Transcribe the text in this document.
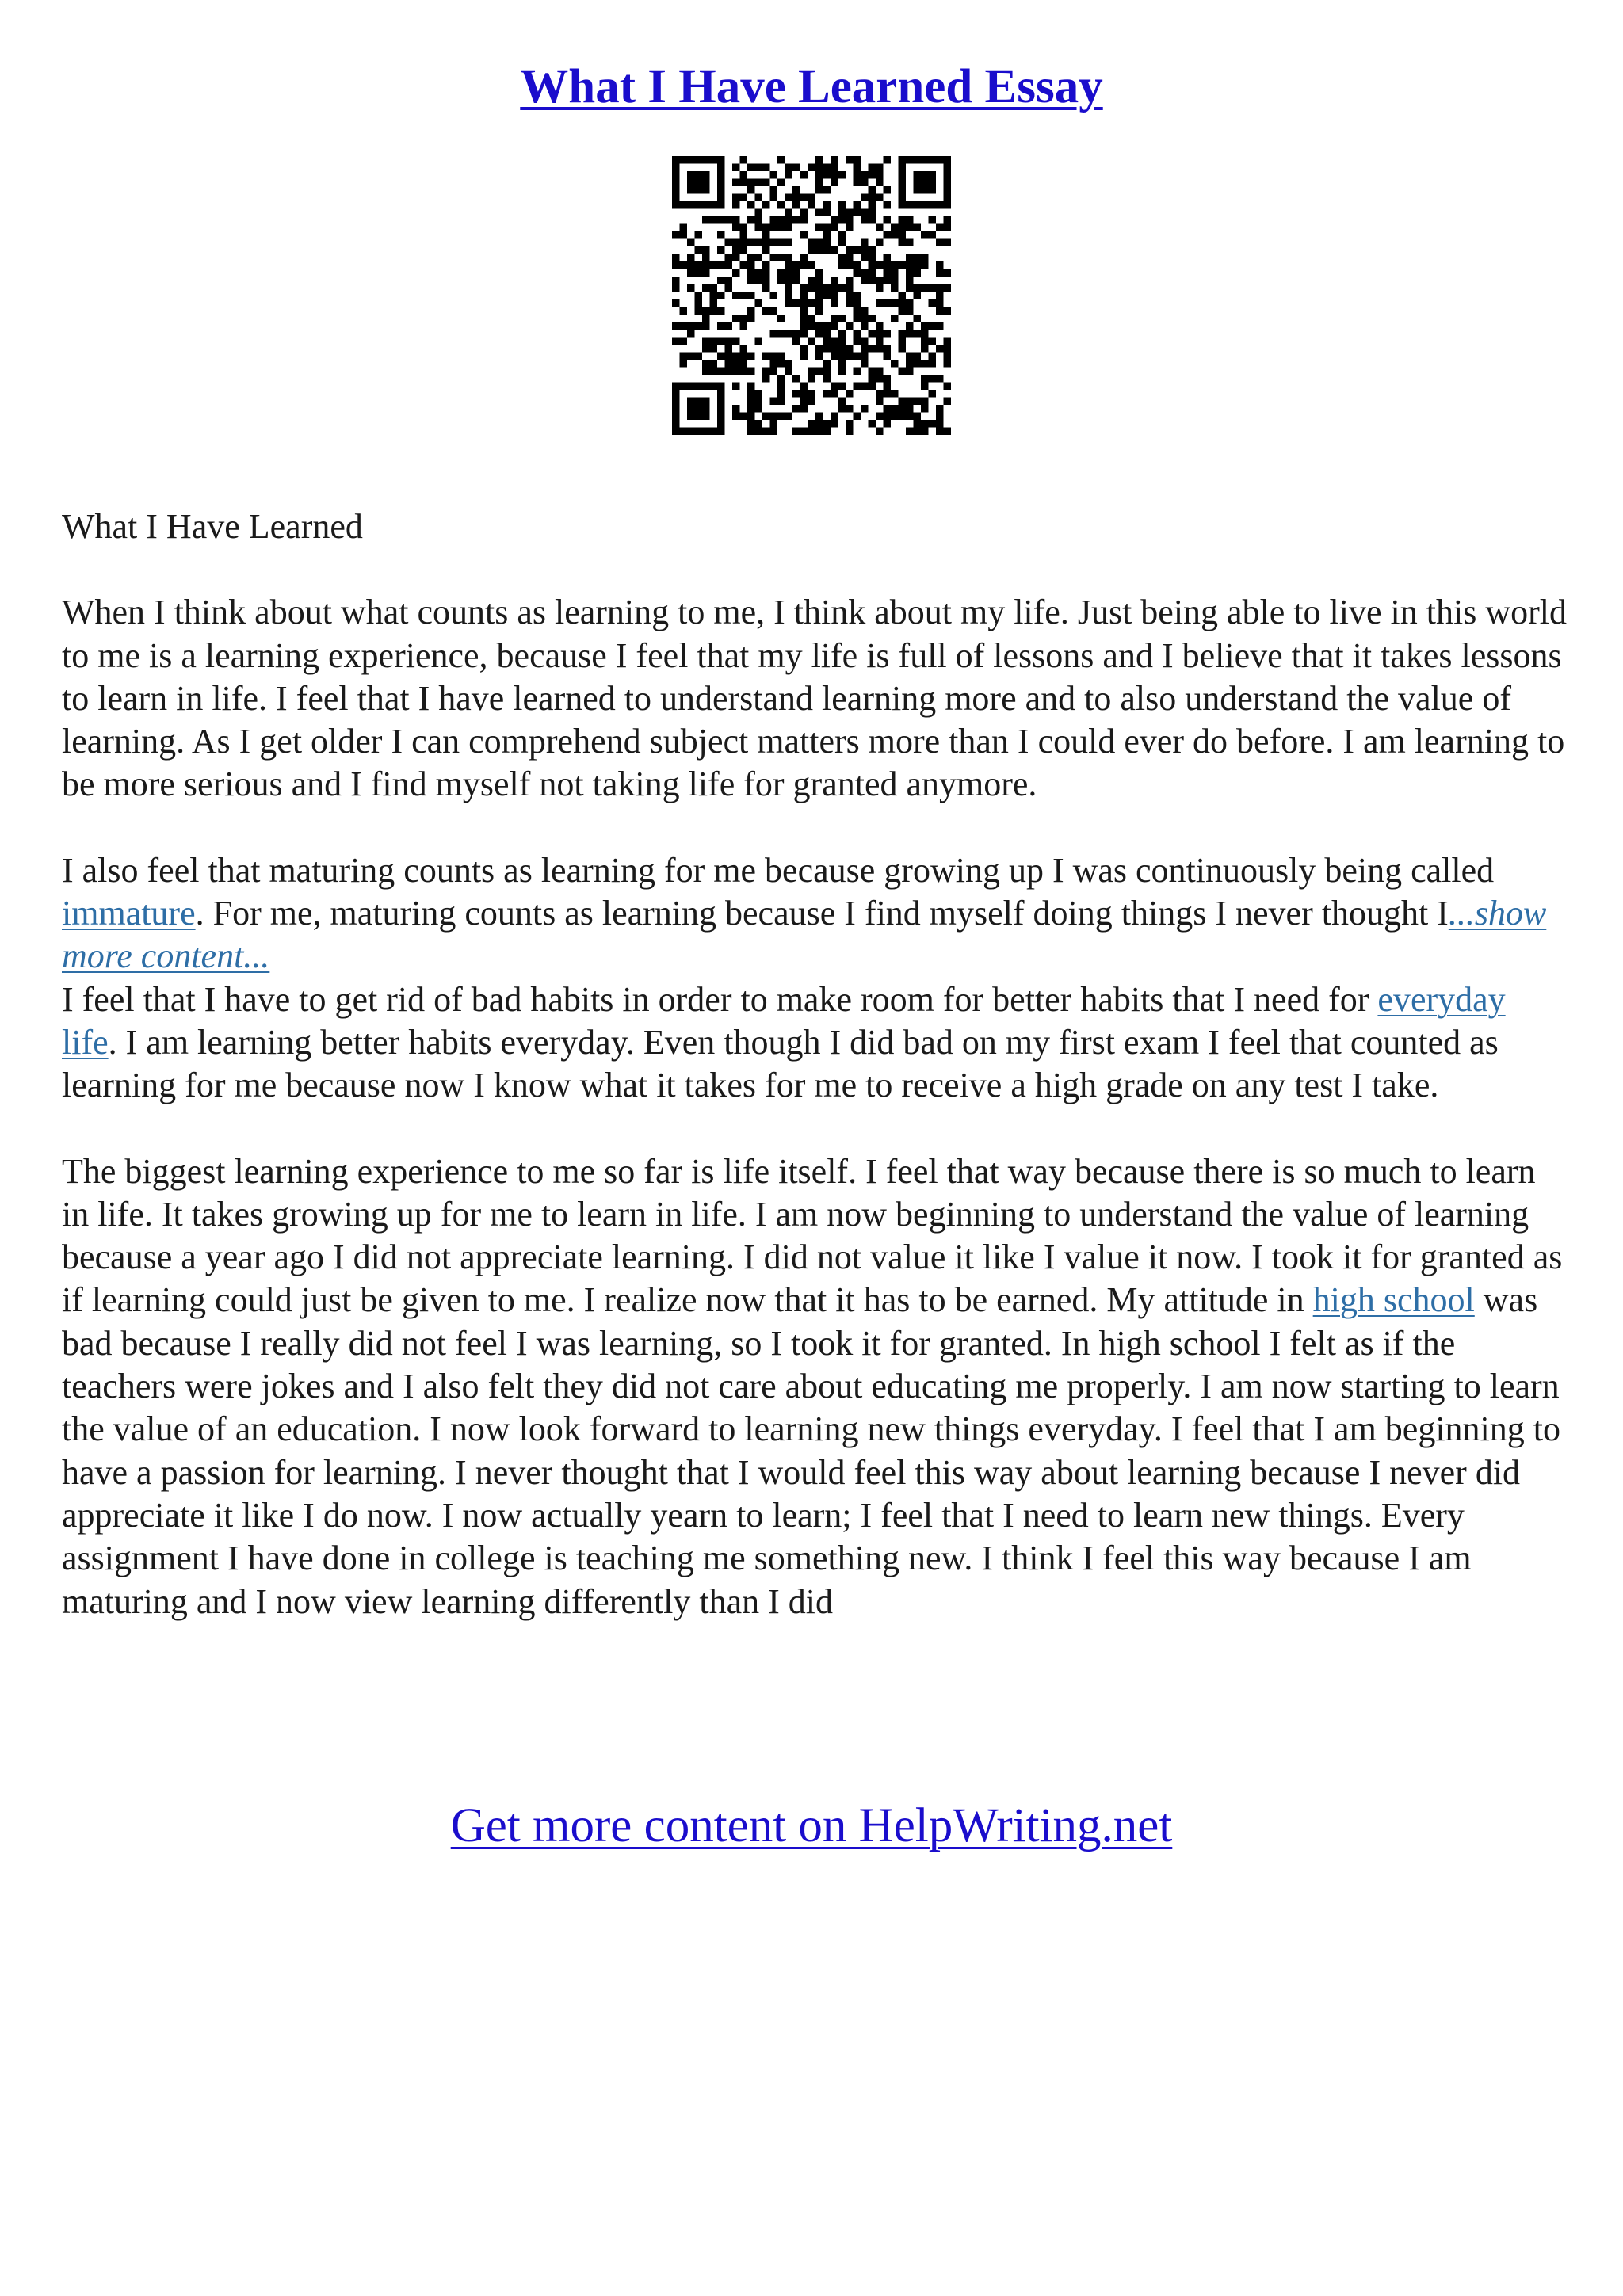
What I Have Learned Essay

What I Have Learned

When I think about what counts as learning to me, I think about my life. Just being able to live in this world to me is a learning experience, because I feel that my life is full of lessons and I believe that it takes lessons to learn in life. I feel that I have learned to understand learning more and to also understand the value of learning. As I get older I can comprehend subject matters more than I could ever do before. I am learning to be more serious and I find myself not taking life for granted anymore.

I also feel that maturing counts as learning for me because growing up I was continuously being called immature. For me, maturing counts as learning because I find myself doing things I never thought I...show more content...

I feel that I have to get rid of bad habits in order to make room for better habits that I need for everyday life. I am learning better habits everyday. Even though I did bad on my first exam I feel that counted as learning for me because now I know what it takes for me to receive a high grade on any test I take.

The biggest learning experience to me so far is life itself. I feel that way because there is so much to learn in life. It takes growing up for me to learn in life. I am now beginning to understand the value of learning because a year ago I did not appreciate learning. I did not value it like I value it now. I took it for granted as if learning could just be given to me. I realize now that it has to be earned. My attitude in high school was bad because I really did not feel I was learning, so I took it for granted. In high school I felt as if the teachers were jokes and I also felt they did not care about educating me properly. I am now starting to learn the value of an education. I now look forward to learning new things everyday. I feel that I am beginning to have a passion for learning. I never thought that I would feel this way about learning because I never did appreciate it like I do now. I now actually yearn to learn; I feel that I need to learn new things. Every assignment I have done in college is teaching me something new. I think I feel this way because I am maturing and I now view learning differently than I did

Get more content on HelpWriting.net
